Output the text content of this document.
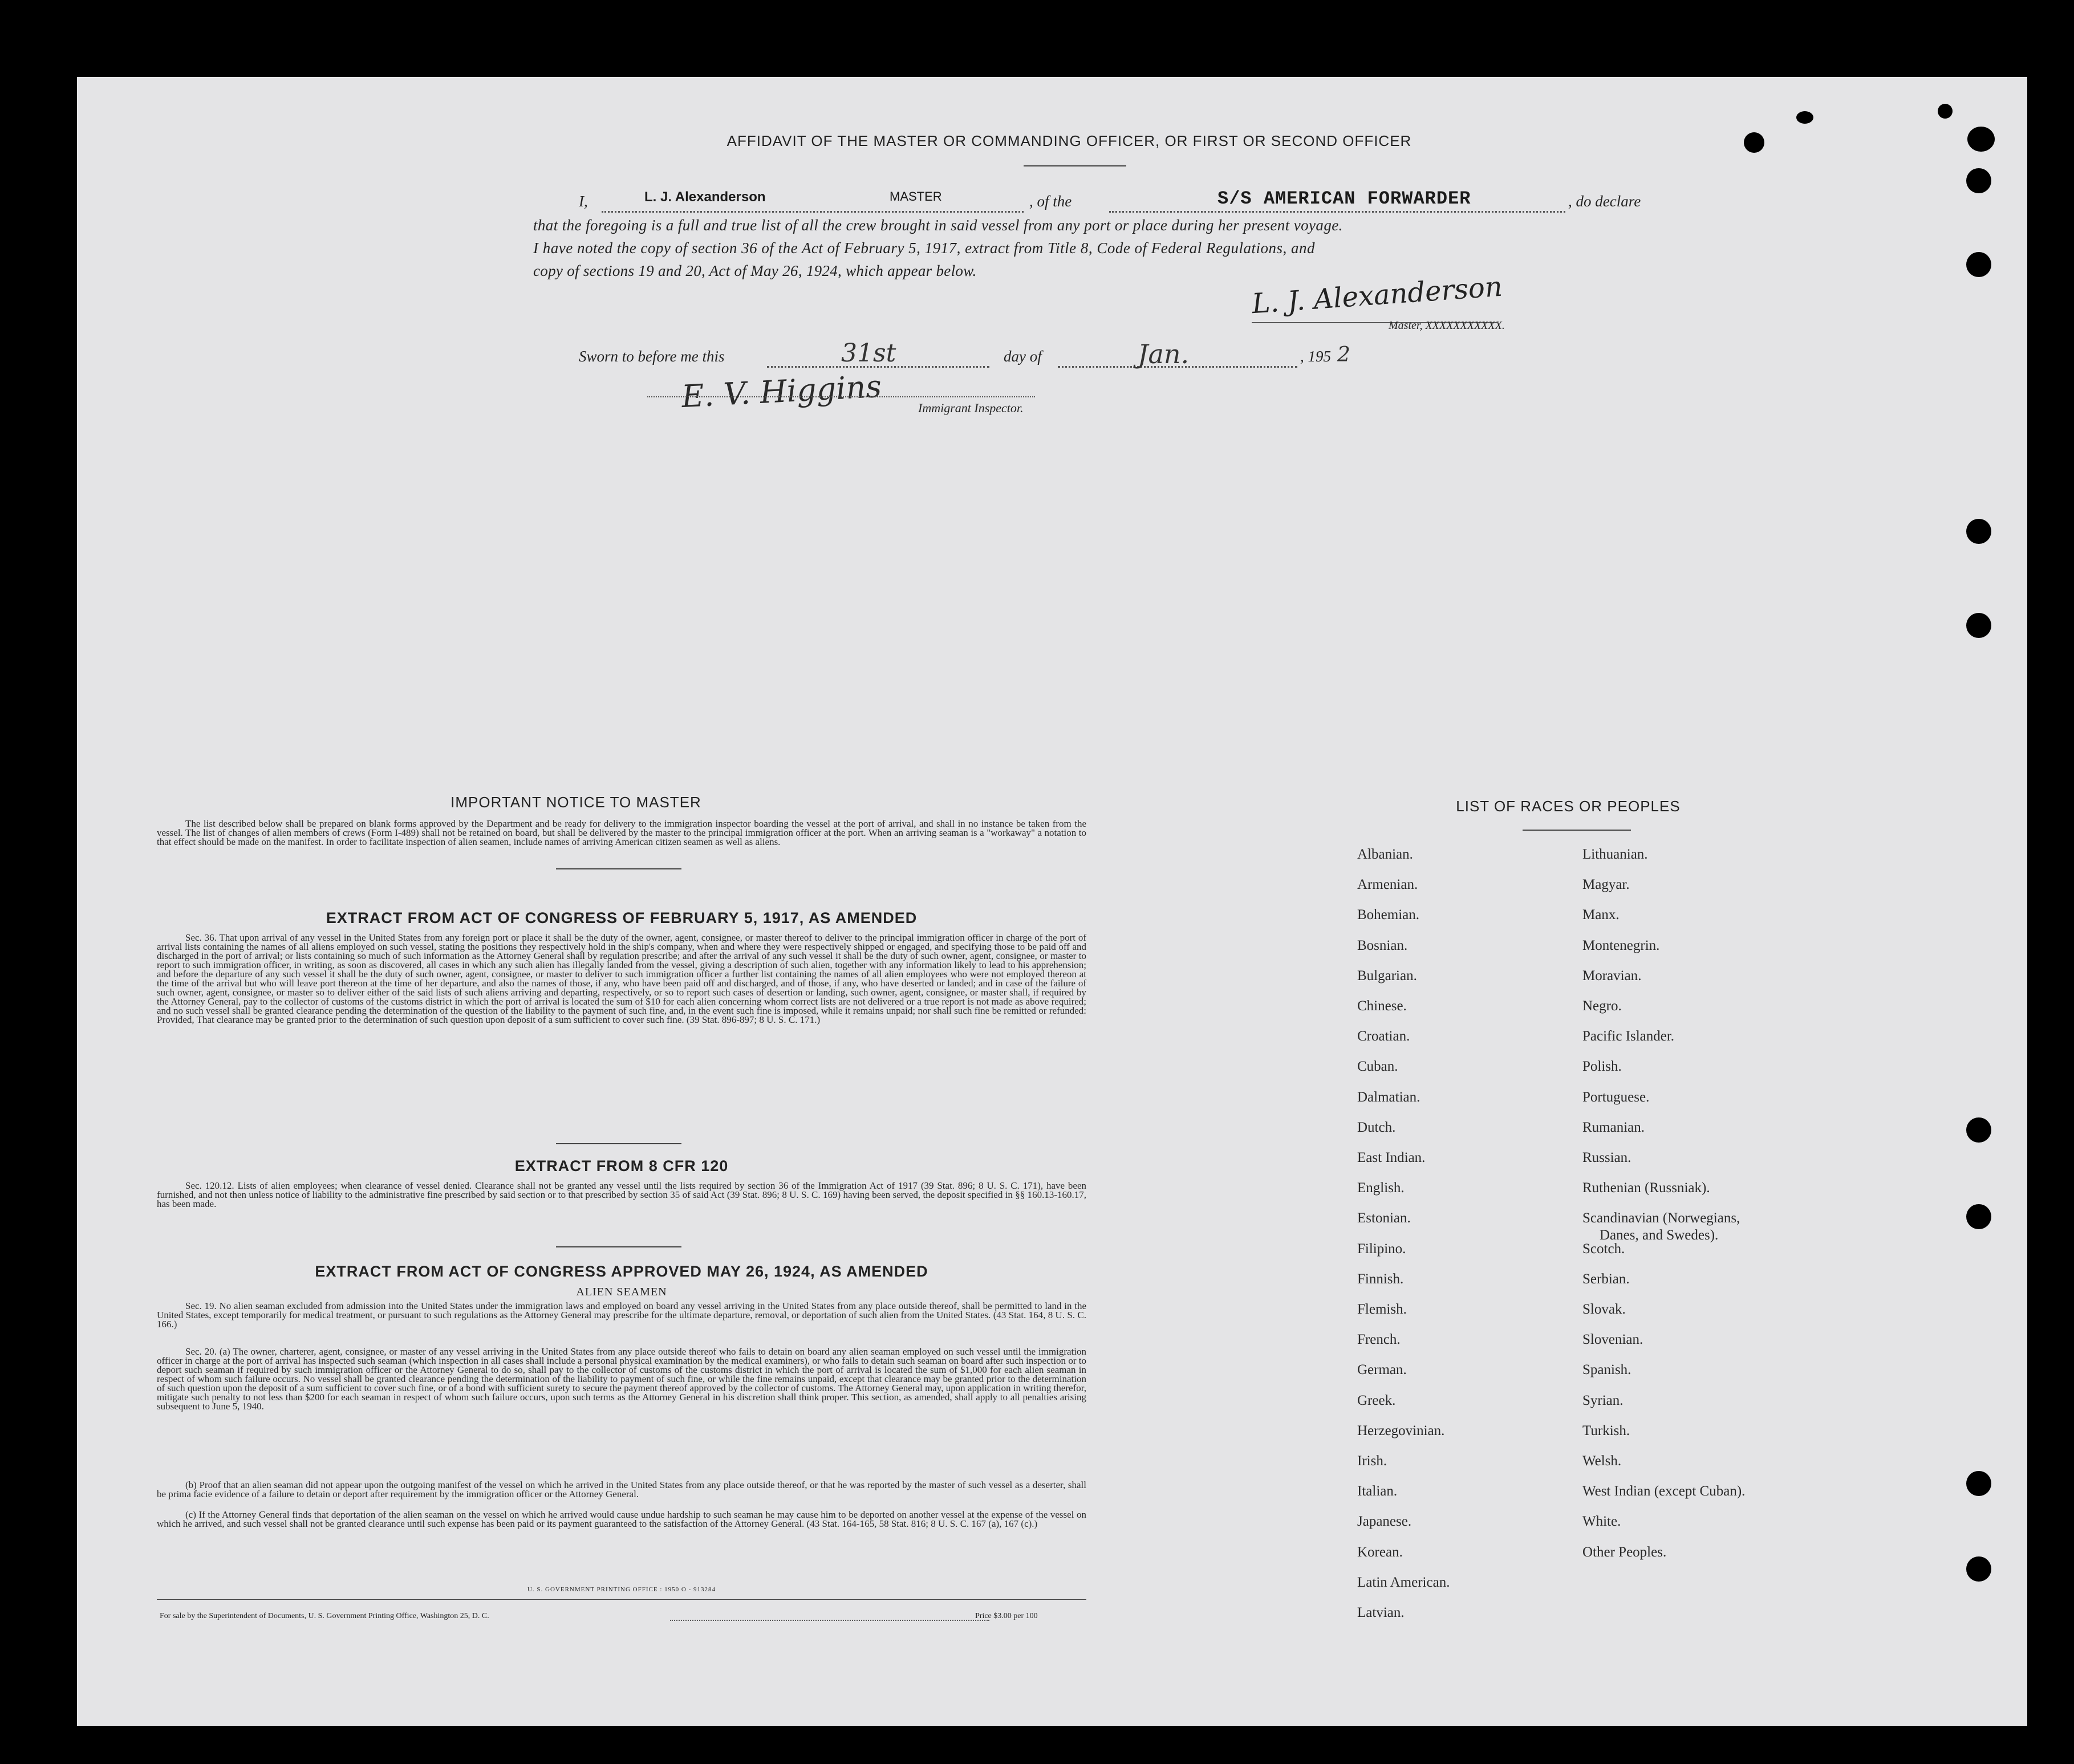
AFFIDAVIT OF THE MASTER OR COMMANDING OFFICER, OR FIRST OR SECOND OFFICER
I,	L. J. Alexanderson	MASTER	, of the	S/S AMERICAN FORWARDER	, do declare
that the foregoing is a full and true list of all the crew brought in said vessel from any port or place during her present voyage.
I have noted the copy of section 36 of the Act of February 5, 1917, extract from Title 8, Code of Federal Regulations, and
copy of sections 19 and 20, Act of May 26, 1924, which appear below.	L. J. Alexanderson
Master, XXXXXXXXXXX.
Sworn to before me this	31st	day of	Jan.	, 195 2
E. V. Higgins	Immigrant Inspector.
IMPORTANT NOTICE TO MASTER
The list described below shall be prepared on blank forms approved by the Department and be ready for delivery to the immigration inspector boarding the vessel at the port of arrival, and shall in no instance be taken from the vessel. The list of changes of alien members of crews (Form I-489) shall not be retained on board, but shall be delivered by the master to the principal immigration officer at the port. When an arriving seaman is a "workaway" a notation to that effect should be made on the manifest. In order to facilitate inspection of alien seamen, include names of arriving American citizen seamen as well as aliens.
EXTRACT FROM ACT OF CONGRESS OF FEBRUARY 5, 1917, AS AMENDED
Sec. 36. That upon arrival of any vessel in the United States from any foreign port or place it shall be the duty of the owner, agent, consignee, or master thereof to deliver to the principal immigration officer in charge of the port of arrival lists containing the names of all aliens employed on such vessel, stating the positions they respectively hold in the ship's company, when and where they were respectively shipped or engaged, and specifying those to be paid off and discharged in the port of arrival; or lists containing so much of such information as the Attorney General shall by regulation prescribe; and after the arrival of any such vessel it shall be the duty of such owner, agent, consignee, or master to report to such immigration officer, in writing, as soon as discovered, all cases in which any such alien has illegally landed from the vessel, giving a description of such alien, together with any information likely to lead to his apprehension; and before the departure of any such vessel it shall be the duty of such owner, agent, consignee, or master to deliver to such immigration officer a further list containing the names of all alien employees who were not employed thereon at the time of the arrival but who will leave port thereon at the time of her departure, and also the names of those, if any, who have been paid off and discharged, and of those, if any, who have deserted or landed; and in case of the failure of such owner, agent, consignee, or master so to deliver either of the said lists of such aliens arriving and departing, respectively, or so to report such cases of desertion or landing, such owner, agent, consignee, or master shall, if required by the Attorney General, pay to the collector of customs of the customs district in which the port of arrival is located the sum of $10 for each alien concerning whom correct lists are not delivered or a true report is not made as above required; and no such vessel shall be granted clearance pending the determination of the question of the liability to the payment of such fine, and, in the event such fine is imposed, while it remains unpaid; nor shall such fine be remitted or refunded: Provided, That clearance may be granted prior to the determination of such question upon deposit of a sum sufficient to cover such fine. (39 Stat. 896-897; 8 U. S. C. 171.)
EXTRACT FROM 8 CFR 120
Sec. 120.12. Lists of alien employees; when clearance of vessel denied. Clearance shall not be granted any vessel until the lists required by section 36 of the Immigration Act of 1917 (39 Stat. 896; 8 U. S. C. 171), have been furnished, and not then unless notice of liability to the administrative fine prescribed by said section or to that prescribed by section 35 of said Act (39 Stat. 896; 8 U. S. C. 169) having been served, the deposit specified in §§ 160.13-160.17, has been made.
EXTRACT FROM ACT OF CONGRESS APPROVED MAY 26, 1924, AS AMENDED
ALIEN SEAMEN
Sec. 19. No alien seaman excluded from admission into the United States under the immigration laws and employed on board any vessel arriving in the United States from any place outside thereof, shall be permitted to land in the United States, except temporarily for medical treatment, or pursuant to such regulations as the Attorney General may prescribe for the ultimate departure, removal, or deportation of such alien from the United States. (43 Stat. 164, 8 U. S. C. 166.)
Sec. 20. (a) The owner, charterer, agent, consignee, or master of any vessel arriving in the United States from any place outside thereof who fails to detain on board any alien seaman employed on such vessel until the immigration officer in charge at the port of arrival has inspected such seaman (which inspection in all cases shall include a personal physical examination by the medical examiners), or who fails to detain such seaman on board after such inspection or to deport such seaman if required by such immigration officer or the Attorney General to do so, shall pay to the collector of customs of the customs district in which the port of arrival is located the sum of $1,000 for each alien seaman in respect of whom such failure occurs. No vessel shall be granted clearance pending the determination of the liability to payment of such fine, or while the fine remains unpaid, except that clearance may be granted prior to the determination of such question upon the deposit of a sum sufficient to cover such fine, or of a bond with sufficient surety to secure the payment thereof approved by the collector of customs. The Attorney General may, upon application in writing therefor, mitigate such penalty to not less than $200 for each seaman in respect of whom such failure occurs, upon such terms as the Attorney General in his discretion shall think proper. This section, as amended, shall apply to all penalties arising subsequent to June 5, 1940.
(b) Proof that an alien seaman did not appear upon the outgoing manifest of the vessel on which he arrived in the United States from any place outside thereof, or that he was reported by the master of such vessel as a deserter, shall be prima facie evidence of a failure to detain or deport after requirement by the immigration officer or the Attorney General.
(c) If the Attorney General finds that deportation of the alien seaman on the vessel on which he arrived would cause undue hardship to such seaman he may cause him to be deported on another vessel at the expense of the vessel on which he arrived, and such vessel shall not be granted clearance until such expense has been paid or its payment guaranteed to the satisfaction of the Attorney General. (43 Stat. 164-165, 58 Stat. 816; 8 U. S. C. 167 (a), 167 (c).)
U. S. GOVERNMENT PRINTING OFFICE : 1950 O - 913284
For sale by the Superintendent of Documents, U. S. Government Printing Office, Washington 25, D. C.	Price $3.00 per 100
LIST OF RACES OR PEOPLES
Albanian.
Armenian.
Bohemian.
Bosnian.
Bulgarian.
Chinese.
Croatian.
Cuban.
Dalmatian.
Dutch.
East Indian.
English.
Estonian.
Filipino.
Finnish.
Flemish.
French.
German.
Greek.
Herzegovinian.
Irish.
Italian.
Japanese.
Korean.
Latin American.
Latvian.
Lithuanian.
Magyar.
Manx.
Montenegrin.
Moravian.
Negro.
Pacific Islander.
Polish.
Portuguese.
Rumanian.
Russian.
Ruthenian (Russniak).
Scandinavian (Norwegians,
Danes, and Swedes).
Scotch.
Serbian.
Slovak.
Slovenian.
Spanish.
Syrian.
Turkish.
Welsh.
West Indian (except Cuban).
White.
Other Peoples.
